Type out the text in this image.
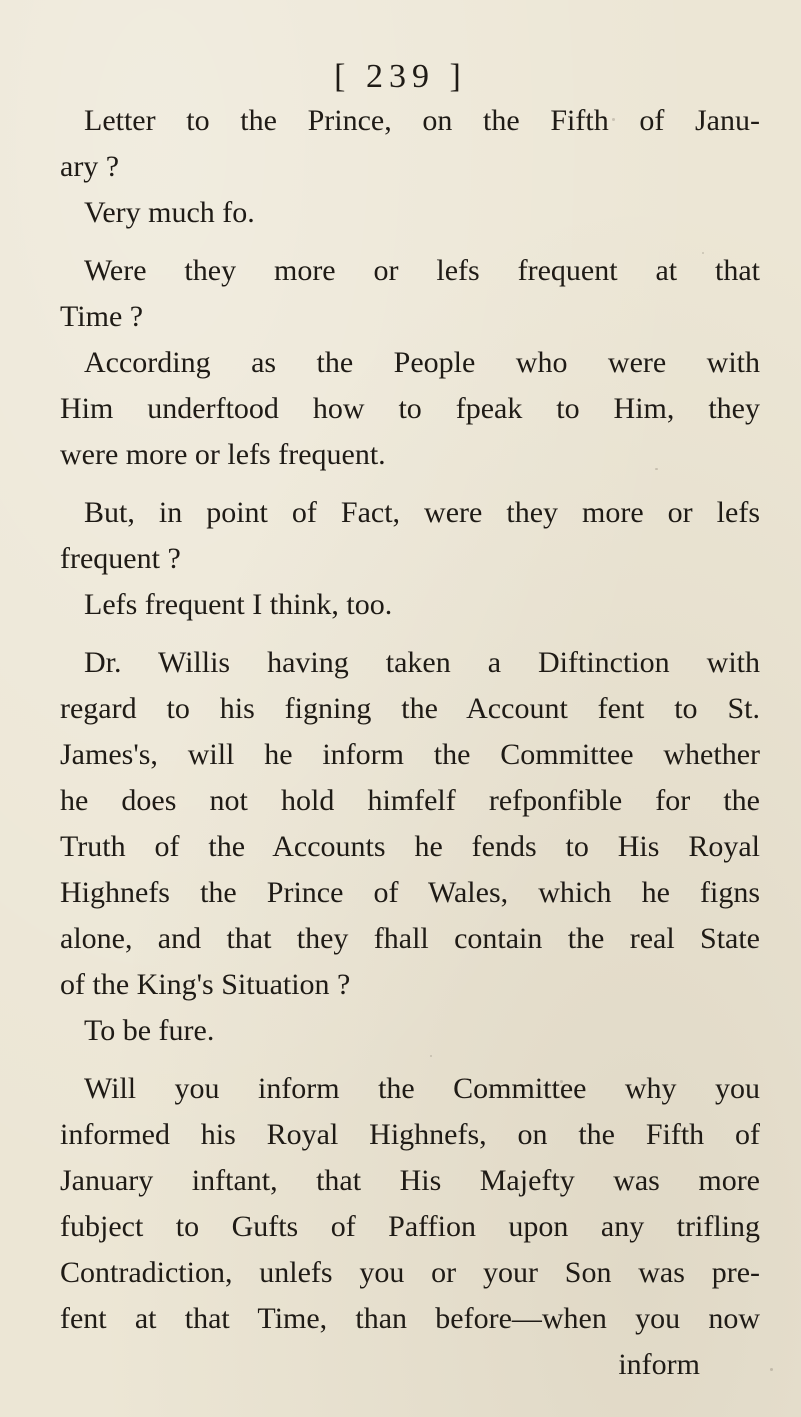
[ 239 ]
Letter to the Prince, on the Fifth of Janu-
ary ?
Very much fo.
Were they more or lefs frequent at that
Time ?
According as the People who were with
Him underftood how to fpeak to Him, they
were more or lefs frequent.
But, in point of Fact, were they more or lefs
frequent ?
Lefs frequent I think, too.
Dr. Willis having taken a Diftinction with
regard to his figning the Account fent to St.
James's, will he inform the Committee whether
he does not hold himfelf refponfible for the
Truth of the Accounts he fends to His Royal
Highnefs the Prince of Wales, which he figns
alone, and that they fhall contain the real State
of the King's Situation ?
To be fure.
Will you inform the Committee why you
informed his Royal Highnefs, on the Fifth of
January inftant, that His Majefty was more
fubject to Gufts of Paffion upon any trifling
Contradiction, unlefs you or your Son was pre-
fent at that Time, than before—when you now
inform
